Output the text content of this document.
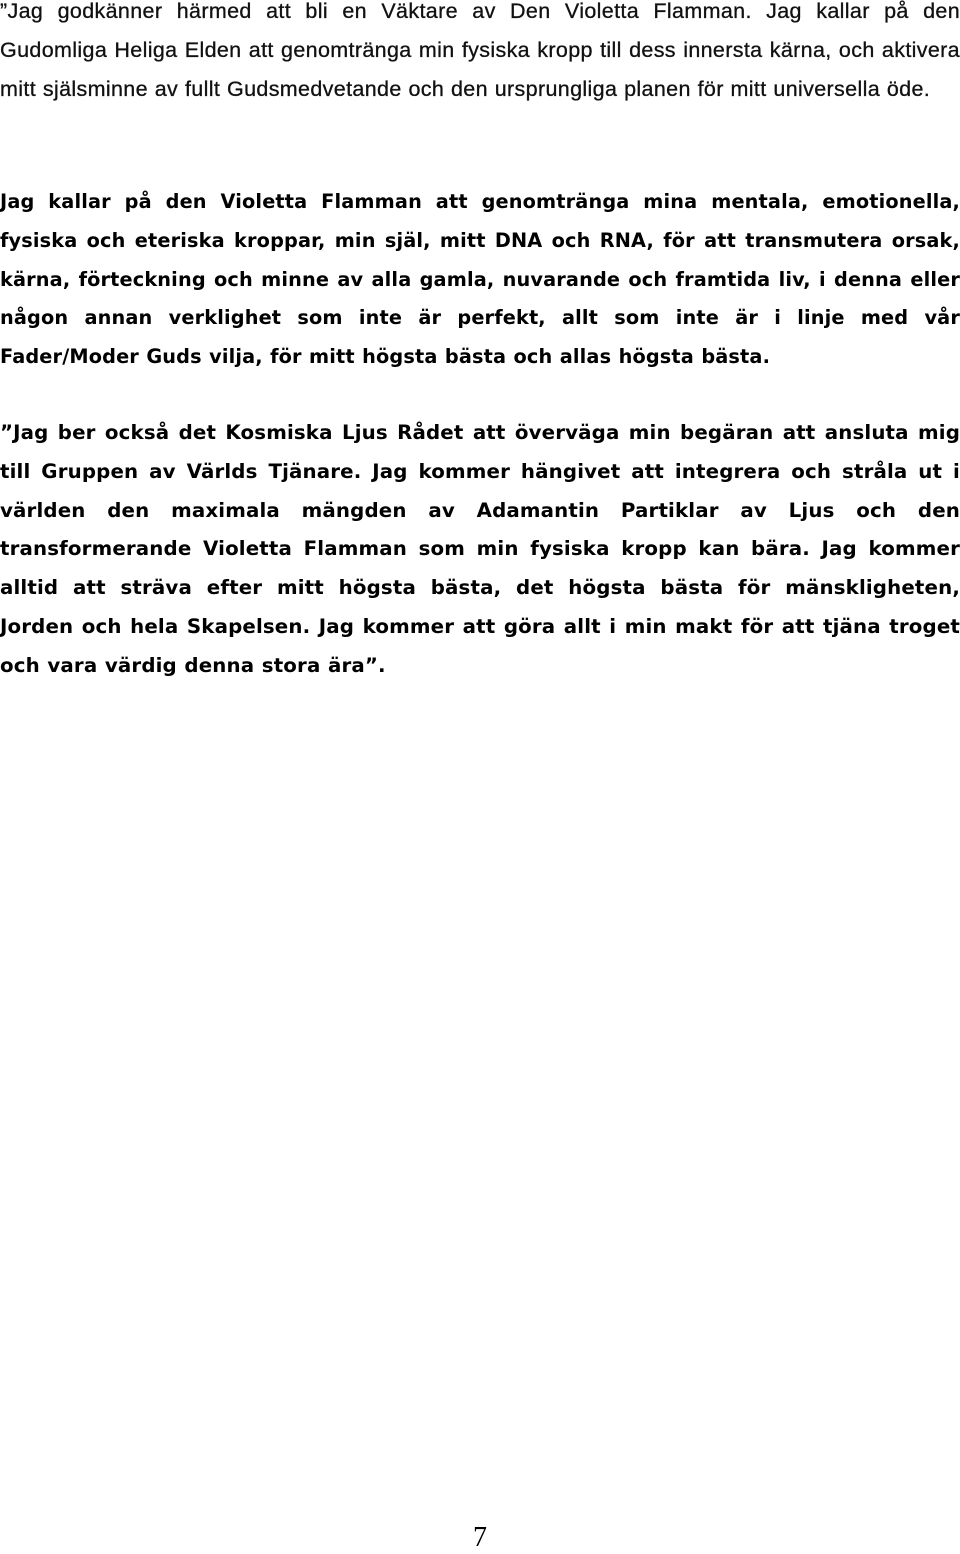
”Jag godkänner härmed att bli en Väktare av Den Violetta Flamman. Jag kallar på den Gudomliga Heliga Elden att genomtränga min fysiska kropp till dess innersta kärna, och aktivera mitt själsminne av fullt Gudsmedvetande och den ursprungliga planen för mitt universella öde.

Jag kallar på den Violetta Flamman att genomtränga mina mentala, emotionella, fysiska och eteriska kroppar, min själ, mitt DNA och RNA, för att transmutera orsak, kärna, förteckning och minne av alla gamla, nuvarande och framtida liv, i denna eller någon annan verklighet som inte är perfekt, allt som inte är i linje med vår Fader/Moder Guds vilja, för mitt högsta bästa och allas högsta bästa.

”Jag ber också det Kosmiska Ljus Rådet att överväga min begäran att ansluta mig till Gruppen av Världs Tjänare. Jag kommer hängivet att integrera och stråla ut i världen den maximala mängden av Adamantin Partiklar av Ljus och den transformerande Violetta Flamman som min fysiska kropp kan bära. Jag kommer alltid att sträva efter mitt högsta bästa, det högsta bästa för mänskligheten, Jorden och hela Skapelsen. Jag kommer att göra allt i min makt för att tjäna troget och vara värdig denna stora ära”.

7
